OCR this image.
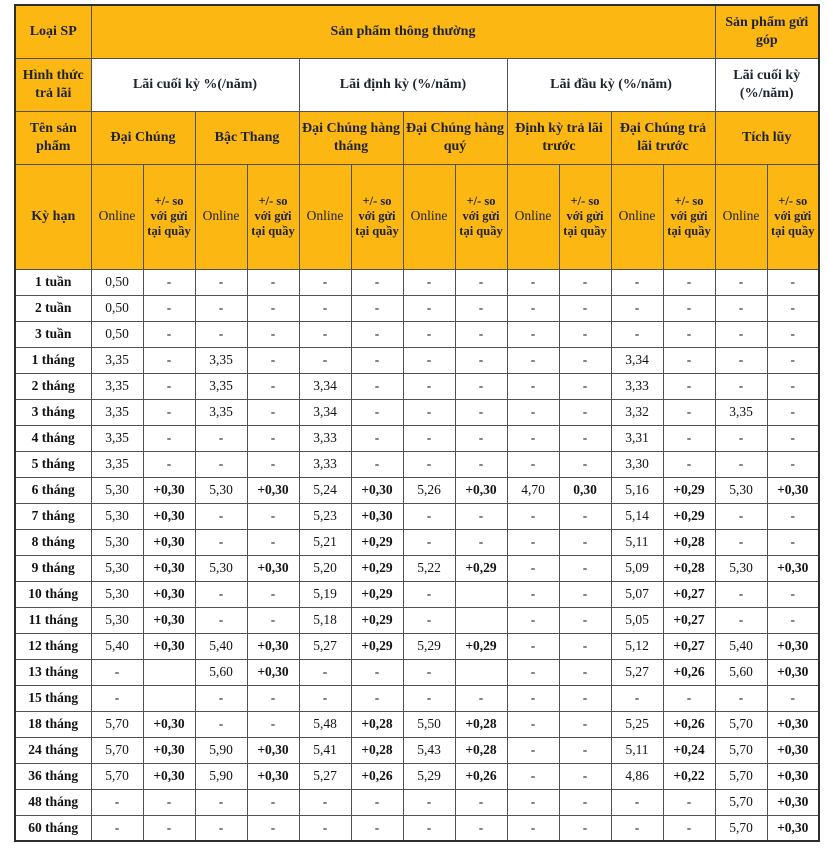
Loại SP	Sản phẩm thông thường												Sản phẩm gửi góp	
Hình thức trả lãi	Lãi cuối kỳ %(/năm)				Lãi định kỳ (%/năm)				Lãi đầu kỳ (%/năm)				Lãi cuối kỳ (%/năm)	
Tên sản phẩm	Đại Chúng		Bậc Thang		Đại Chúng hàng tháng		Đại Chúng hàng quý		Định kỳ trả lãi trước		Đại Chúng trả lãi trước		Tích lũy	
Kỳ hạn	Online	+/- so với gửi tại quầy	Online	+/- so với gửi tại quầy	Online	+/- so với gửi tại quầy	Online	+/- so với gửi tại quầy	Online	+/- so với gửi tại quầy	Online	+/- so với gửi tại quầy	Online	+/- so với gửi tại quầy
1 tuần	0,50	-	-	-	-	-	-	-	-	-	-	-	-	-
2 tuần	0,50	-	-	-	-	-	-	-	-	-	-	-	-	-
3 tuần	0,50	-	-	-	-	-	-	-	-	-	-	-	-	-
1 tháng	3,35	-	3,35	-	-	-	-	-	-	-	3,34	-	-	-
2 tháng	3,35	-	3,35	-	3,34	-	-	-	-	-	3,33	-	-	-
3 tháng	3,35	-	3,35	-	3,34	-	-	-	-	-	3,32	-	3,35	-
4 tháng	3,35	-	-	-	3,33	-	-	-	-	-	3,31	-	-	-
5 tháng	3,35	-	-	-	3,33	-	-	-	-	-	3,30	-	-	-
6 tháng	5,30	+0,30	5,30	+0,30	5,24	+0,30	5,26	+0,30	4,70	0,30	5,16	+0,29	5,30	+0,30
7 tháng	5,30	+0,30	-	-	5,23	+0,30	-	-	-	-	5,14	+0,29	-	-
8 tháng	5,30	+0,30	-	-	5,21	+0,29	-	-	-	-	5,11	+0,28	-	-
9 tháng	5,30	+0,30	5,30	+0,30	5,20	+0,29	5,22	+0,29	-	-	5,09	+0,28	5,30	+0,30
10 tháng	5,30	+0,30	-	-	5,19	+0,29	-		-	-	5,07	+0,27	-	-
11 tháng	5,30	+0,30	-	-	5,18	+0,29	-		-	-	5,05	+0,27	-	-
12 tháng	5,40	+0,30	5,40	+0,30	5,27	+0,29	5,29	+0,29	-	-	5,12	+0,27	5,40	+0,30
13 tháng	-		5,60	+0,30	-	-	-		-	-	5,27	+0,26	5,60	+0,30
15 tháng	-		-	-	-	-	-	-	-	-	-	-	-	-
18 tháng	5,70	+0,30	-	-	5,48	+0,28	5,50	+0,28	-	-	5,25	+0,26	5,70	+0,30
24 tháng	5,70	+0,30	5,90	+0,30	5,41	+0,28	5,43	+0,28	-	-	5,11	+0,24	5,70	+0,30
36 tháng	5,70	+0,30	5,90	+0,30	5,27	+0,26	5,29	+0,26	-	-	4,86	+0,22	5,70	+0,30
48 tháng	-	-	-	-	-	-	-	-	-	-	-	-	5,70	+0,30
60 tháng	-	-	-	-	-	-	-	-	-	-	-	-	5,70	+0,30
